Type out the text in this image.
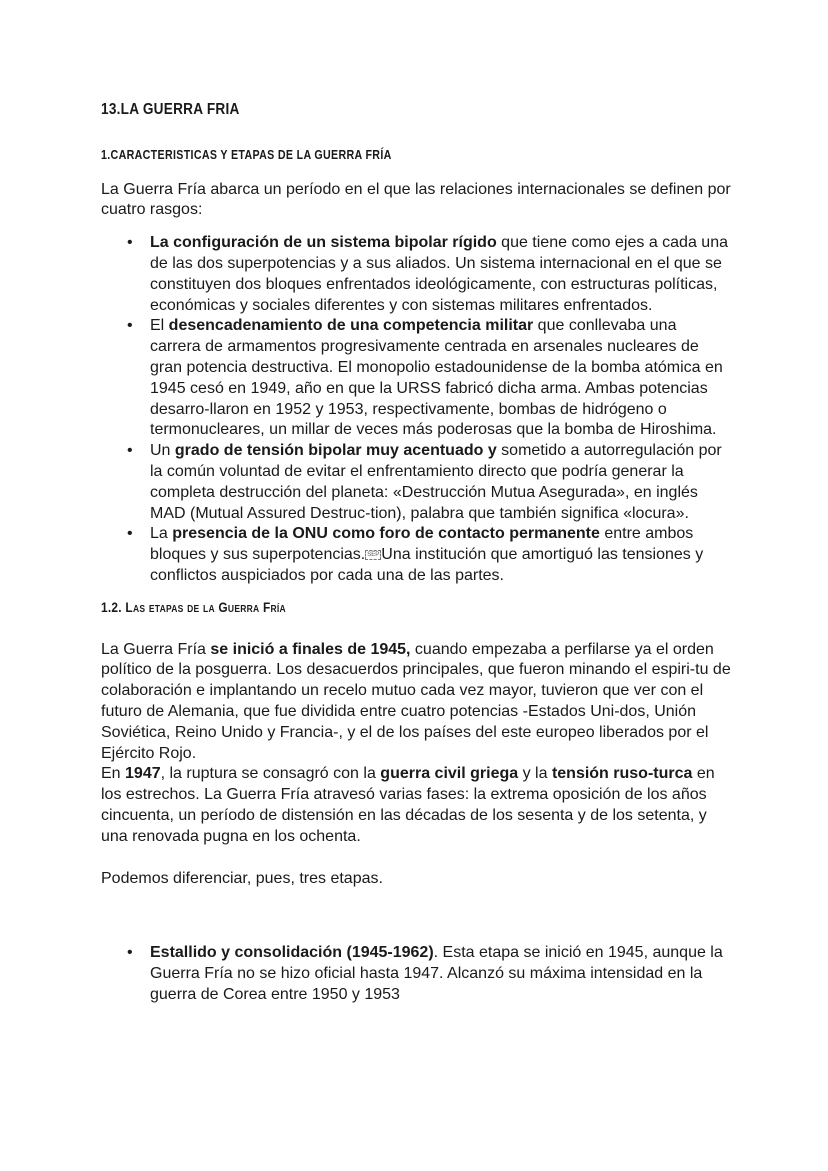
13.LA GUERRA FRIA
1.CARACTERISTICAS Y ETAPAS DE LA GUERRA FRÍA

La Guerra Fría abarca un período en el que las relaciones internacionales se definen por cuatro rasgos:

• La configuración de un sistema bipolar rígido que tiene como ejes a cada una de las dos superpotencias y a sus aliados. Un sistema internacional en el que se constituyen dos bloques enfrentados ideológicamente, con estructuras políticas, económicas y sociales diferentes y con sistemas militares enfrentados.
• El desencadenamiento de una competencia militar que conllevaba una carrera de armamentos progresivamente centrada en arsenales nucleares de gran potencia destructiva. El monopolio estadounidense de la bomba atómica en 1945 cesó en 1949, año en que la URSS fabricó dicha arma. Ambas potencias desarro-llaron en 1952 y 1953, respectivamente, bombas de hidrógeno o termonucleares, un millar de veces más poderosas que la bomba de Hiroshima.
• Un grado de tensión bipolar muy acentuado y sometido a autorregulación por la común voluntad de evitar el enfrentamiento directo que podría generar la completa destrucción del planeta: «Destrucción Mutua Asegurada», en inglés MAD (Mutual Assured Destruc-tion), palabra que también significa «locura».
• La presencia de la ONU como foro de contacto permanente entre ambos bloques y sus superpotencias. SEP Una institución que amortiguó las tensiones y conflictos auspiciados por cada una de las partes.
1.2. Las etapas de la Guerra Fría

La Guerra Fría se inició a finales de 1945, cuando empezaba a perfilarse ya el orden político de la posguerra. Los desacuerdos principales, que fueron minando el espiri-tu de colaboración e implantando un recelo mutuo cada vez mayor, tuvieron que ver con el futuro de Alemania, que fue dividida entre cuatro potencias -Estados Uni-dos, Unión Soviética, Reino Unido y Francia-, y el de los países del este europeo liberados por el Ejército Rojo.

En 1947, la ruptura se consagró con la guerra civil griega y la tensión ruso-turca en los estrechos. La Guerra Fría atravesó varias fases: la extrema oposición de los años cincuenta, un período de distensión en las décadas de los sesenta y de los setenta, y una renovada pugna en los ochenta.

Podemos diferenciar, pues, tres etapas.

• Estallido y consolidación (1945-1962). Esta etapa se inició en 1945, aunque la Guerra Fría no se hizo oficial hasta 1947. Alcanzó su máxima intensidad en la guerra de Corea entre 1950 y 1953
